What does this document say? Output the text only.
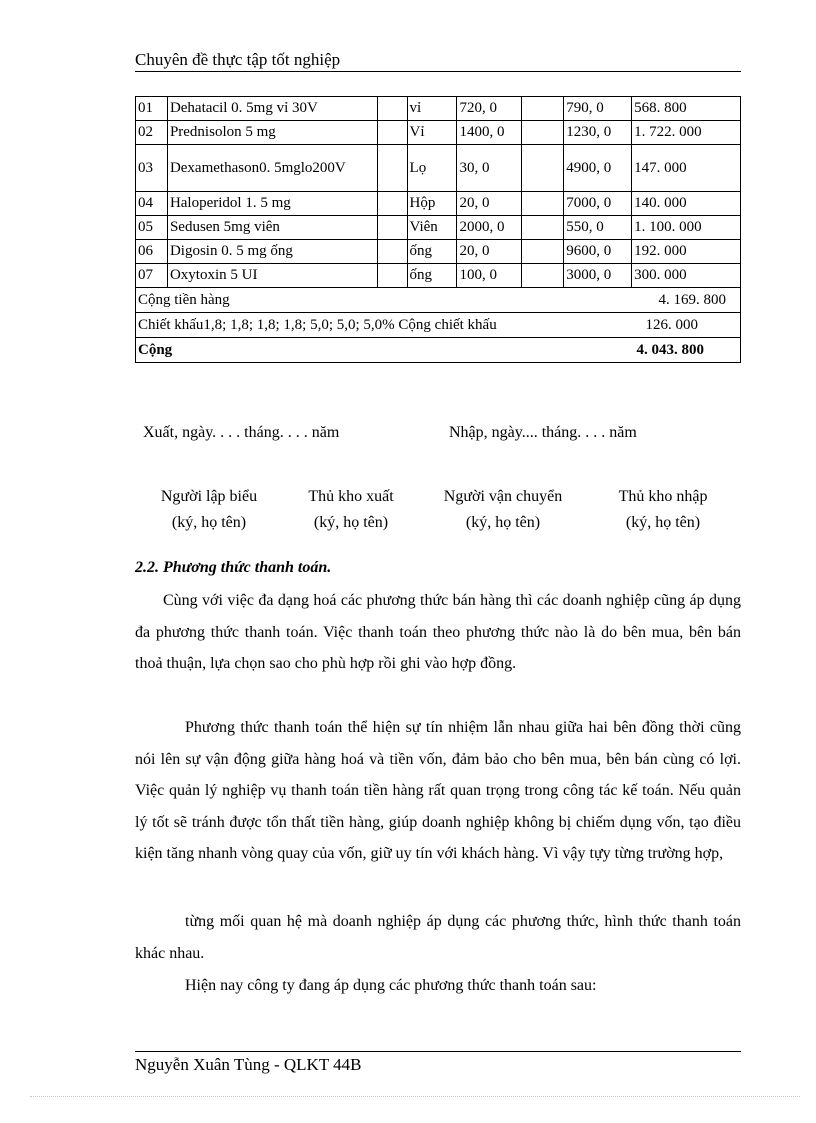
Chuyên đề thực tập tốt nghiệp
01	Dehatacil 0. 5mg vỉ 30V		vỉ	720, 0		790, 0	568. 800
02	Prednisolon 5 mg		Vỉ	1400, 0		1230, 0	1. 722. 000
03	Dexamethason0. 5mglo200V		Lọ	30, 0		4900, 0	147. 000
04	Haloperidol 1. 5 mg		Hộp	20, 0		7000, 0	140. 000
05	Sedusen 5mg viên		Viên	2000, 0		550, 0	1. 100. 000
06	Digosin 0. 5 mg ống		ống	20, 0		9600, 0	192. 000
07	Oxytoxin 5 UI		ống	100, 0		3000, 0	300. 000

Cộng tiền hàng 4. 169. 800							

Chiết khấu1,8; 1,8; 1,8; 1,8; 5,0; 5,0; 5,0% Cộng chiết khấu 126. 000							

Cộng 4. 043. 800							
Xuất, ngày. . . . tháng. . . . năm	Nhập, ngày.... tháng. . . . năm
Người lập biểu
(ký, họ tên)
Thủ kho xuất
(ký, họ tên)
Người vận chuyển
(ký, họ tên)
Thủ kho nhập
(ký, họ tên)
2.2. Phương thức thanh toán.

Cùng với việc đa dạng hoá các phương thức bán hàng thì các doanh nghiệp cũng áp dụng đa phương thức thanh toán. Việc thanh toán theo phương thức nào là do bên mua, bên bán thoả thuận, lựa chọn sao cho phù hợp rồi ghi vào hợp đồng.

Phương thức thanh toán thể hiện sự tín nhiệm lẫn nhau giữa hai bên đồng thời cũng nói lên sự vận động giữa hàng hoá và tiền vốn, đảm bảo cho bên mua, bên bán cùng có lợi. Việc quản lý nghiệp vụ thanh toán tiền hàng rất quan trọng trong công tác kế toán. Nếu quản lý tốt sẽ tránh được tổn thất tiền hàng, giúp doanh nghiệp không bị chiếm dụng vốn, tạo điều kiện tăng nhanh vòng quay của vốn, giữ uy tín với khách hàng. Vì vậy tựy từng trường hợp,

từng mối quan hệ mà doanh nghiệp áp dụng các phương thức, hình thức thanh toán khác nhau.

Hiện nay công ty đang áp dụng các phương thức thanh toán sau:

Nguyễn Xuân Tùng - QLKT 44B
